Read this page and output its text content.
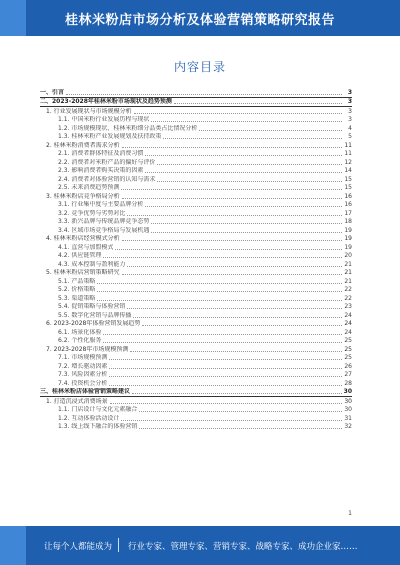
桂林米粉店市场分析及体验营销策略研究报告
内容目录
一、引言	3
二、2023-2028年桂林米粉市场现状及趋势预测	3
1. 行业发展现状与市场规模分析	3
1.1. 中国米粉行业发展历程与现状	3
1.2. 市场规模现状、桂林米粉细分品类占比情况分析	4
1.3. 桂林米粉产业发展规划及扶持政策	5
2. 桂林米粉消费者需求分析	11
2.1. 消费者群体特征及消费习惯	11
2.2. 消费者对米粉产品的偏好与评价	12
2.3. 影响消费者购买决策的因素	14
2.4. 消费者对体验营销的认知与需求	15
2.5. 未来消费趋势预测	15
3. 桂林米粉店竞争格局分析	16
3.1. 行业集中度与主要品牌分析	16
3.2. 竞争优势与劣势对比	17
3.3. 新兴品牌与传统品牌竞争态势	18
3.4. 区域市场竞争格局与发展机遇	19
4. 桂林米粉店经营模式分析	19
4.1. 直营与加盟模式	19
4.2. 供应链管理	20
4.3. 成本控制与盈利能力	21
5. 桂林米粉店营销策略研究	21
5.1. 产品策略	21
5.2. 价格策略	22
5.3. 渠道策略	22
5.4. 促销策略与体验营销	23
5.5. 数字化营销与品牌传播	24
6. 2023-2028年体验营销发展趋势	24
6.1. 场景化体验	24
6.2. 个性化服务	25
7. 2023-2028年市场规模预测	25
7.1. 市场规模预测	25
7.2. 增长驱动因素	26
7.3. 风险因素分析	27
7.4. 投资机会分析	28
三、桂林米粉店体验营销策略建议	30
1. 打造沉浸式消费场景	30
1.1. 门店设计与文化元素融合	30
1.2. 互动体验活动设计	31
1.3. 线上线下融合的体验营销	32
1
让每个人都能成为 行业专家、管理专家、营销专家、战略专家、成功企业家……
